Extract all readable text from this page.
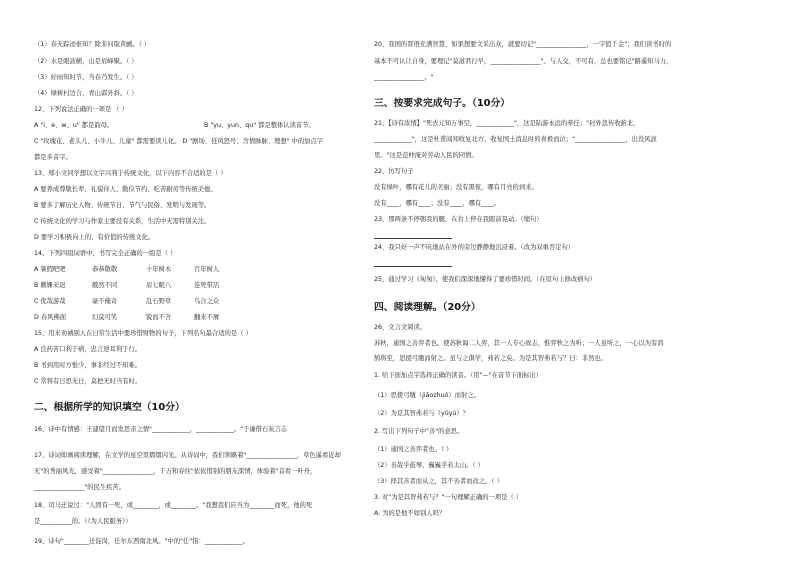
（1）春无踪迹谁知？除非问取黄鹂。（ ）
（2）水是眼波横，山是眉峰聚。（ ）
（3）好雨知时节，当春乃发生。（ ）
（4）绿树村边合，青山郭外斜。（ ）
12、下列说法正确的一项是 （ ）
A "i、e、w、u" 都是韵母。	B "yu、yun、qu" 都是整体认读音节。
C "玫瑰花、老头儿、小牛儿、儿童" 都需要读儿化。 D "剧场、狂风怒号、含情脉脉、理想" 中的加点字
都是多音字。
13、郑小文同学想以文字兴利于传统文化，以下内容不合适的是（ ）
A 要养成尊敬长辈、礼貌待人、勤俭节约、吃苦耐劳等传统美德。
B 要多了解历史人物、传统节日、节气与民俗、发明与发现等。
C 传统文化的学习与作家主要没有关系，生活中无需特别关注。
D 要学习积极向上的、有价值的传统文化。
14、下列四组词语中，书写完全正确的一组是（ ）
A 暑假吧吧	恭恭敬敬	十年树木	百年树人
B 姗姗来迟	戳然不同	眉七眼八	连死带活
C 优哉游哉	豪不掩奇	乱石野草	鸟合之众
D 春风佛面	幻莫可笑	锐而不舍	翻来不屑
15、用来劝诫别人在日常生活中要珍惜财物的句子，下列名句最合适的是（ ）
A 良药苦口利于病，忠言逆耳利于行。
B 书到用时方恨少，事非经过不知难。
C 常将有日思无日，莫把无时当有时。
二、根据所学的知识填空（10分）
16、诗中有情感：王建望月而发思亲之情"____________，____________。"于谦借石灰言志
17、诗词如画阅读理解，在文学的星空里熠熠闪光。从诗词中，我们领略着"________________，草色遥看近却
无"的秀丽风光，感受着"________________，千万和春住"依依惜别的朋友深情，体验着"首看一叶舟，
________________"的民生疾苦。
18、司马迁说过："人固有一死，或________，或________。"我想我们应当为________而死，他的死
是__________的。（《为人民服务》）
19、诗句"________迁淀岗，任尔东西南北风。"中的"任"指：____________。
20、我国的晋语充满智慧，如果想要文采出众，就要切记"________________，一字值千金"；我们读书时的
基本不可认让自身，要理记"莫道君行早，________________"。与人交，不可有，总也要铭记"路遥知马力，
________________。"
三、按要求完成句子。（10分）
21、【诗有浓情】"死去元知万事空，____________"，这是陆游永远的牵挂；"封外忽传收蓟北，
____________"，这是杜甫闻知收复北方，收复国土消息时的喜极而泣；"________________，出没风波
里。"这是范仲淹对劳动人民的同情。
22、仿写句子
没有绿叶，哪有花儿的美丽；没有黑夜，哪有月亮的到来。
没有____，哪有____；没有____，哪有____。
23、那两条不停朝我的腿，在台上停在我眼前晃动。（缩句）
24、我只好一声不吭地站在外的旁边静静地沉浸着。（改为双重否定句）
25、通过学习《匆匆》，使我们深深地懂得了要珍惜时间。（在原句上修改病句）
四、阅读理解。（20分）
26、文言文阅读。
苏秋，通国之善弈者也。使苏秋诲二人弈，其一人专心致志，惟弈秋之为听；一人虽听之，一心以为有鸿
鹄将至，思援弓缴而射之。虽与之俱学，弗若之矣。为是其智弗若与？曰：非然也。
1. 给下面加点字选择正确的读音。（用"—"在音节下面标出）
（1）思援弓缴（jiǎozhuó）而射之。
（2）为是其智弗若与（yǔyú）？
2. 写出下列句子中"善"的意思。
（1）通国之善弈者也。（ ）
（2）善哉乎鼓琴，巍巍乎若太山。（ ）
（3）择其善者而从之，其不善者而改之。（ ）
3. 对"为是其智弗若与？"一句理解正确的一项是（ ）
A. 为的是他不如别人吗？
